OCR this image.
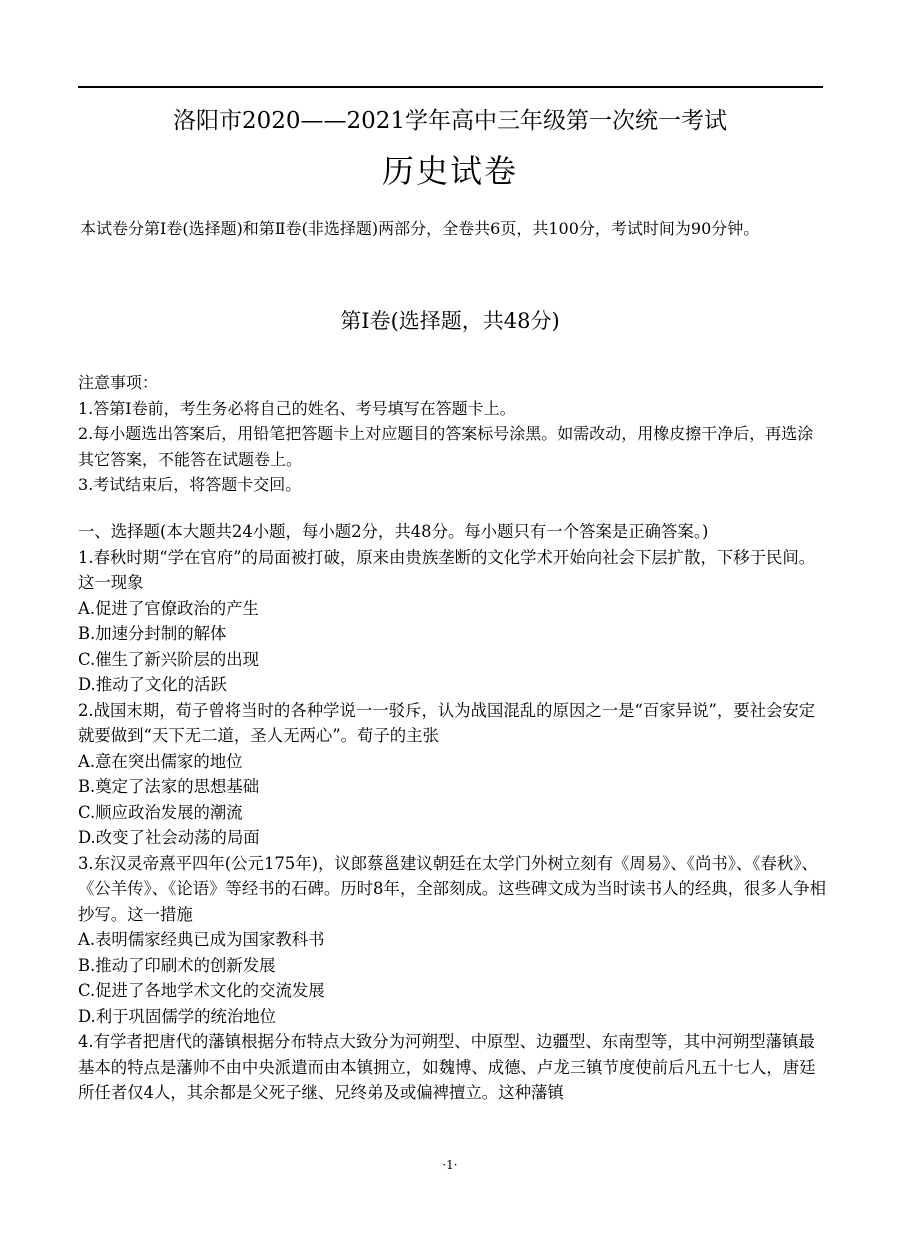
洛阳市2020——2021学年高中三年级第一次统一考试
历史试卷
本试卷分第Ⅰ卷(选择题)和第Ⅱ卷(非选择题)两部分，全卷共6页，共100分，考试时间为90分钟。
第Ⅰ卷(选择题，共48分)
注意事项：
1.答第Ⅰ卷前，考生务必将自己的姓名、考号填写在答题卡上。
2.每小题选出答案后，用铅笔把答题卡上对应题目的答案标号涂黑。如需改动，用橡皮擦干净后，再选涂其它答案，不能答在试题卷上。
3.考试结束后，将答题卡交回。
一、选择题(本大题共24小题，每小题2分，共48分。每小题只有一个答案是正确答案。)
1.春秋时期“学在官府”的局面被打破，原来由贵族垄断的文化学术开始向社会下层扩散，下移于民间。这一现象
A.促进了官僚政治的产生
B.加速分封制的解体
C.催生了新兴阶层的出现
D.推动了文化的活跃
2.战国末期，荀子曾将当时的各种学说一一驳斥，认为战国混乱的原因之一是“百家异说”，要社会安定就要做到“天下无二道，圣人无两心”。荀子的主张
A.意在突出儒家的地位
B.奠定了法家的思想基础
C.顺应政治发展的潮流
D.改变了社会动荡的局面
3.东汉灵帝熹平四年(公元175年)，议郎蔡邕建议朝廷在太学门外树立刻有《周易》、《尚书》、《春秋》、《公羊传》、《论语》等经书的石碑。历时8年，全部刻成。这些碑文成为当时读书人的经典，很多人争相抄写。这一措施
A.表明儒家经典已成为国家教科书
B.推动了印刷术的创新发展
C.促进了各地学术文化的交流发展
D.利于巩固儒学的统治地位
4.有学者把唐代的藩镇根据分布特点大致分为河朔型、中原型、边疆型、东南型等，其中河朔型藩镇最基本的特点是藩帅不由中央派遣而由本镇拥立，如魏博、成德、卢龙三镇节度使前后凡五十七人，唐廷所任者仅4人，其余都是父死子继、兄终弟及或偏裨擅立。这种藩镇
·1·
